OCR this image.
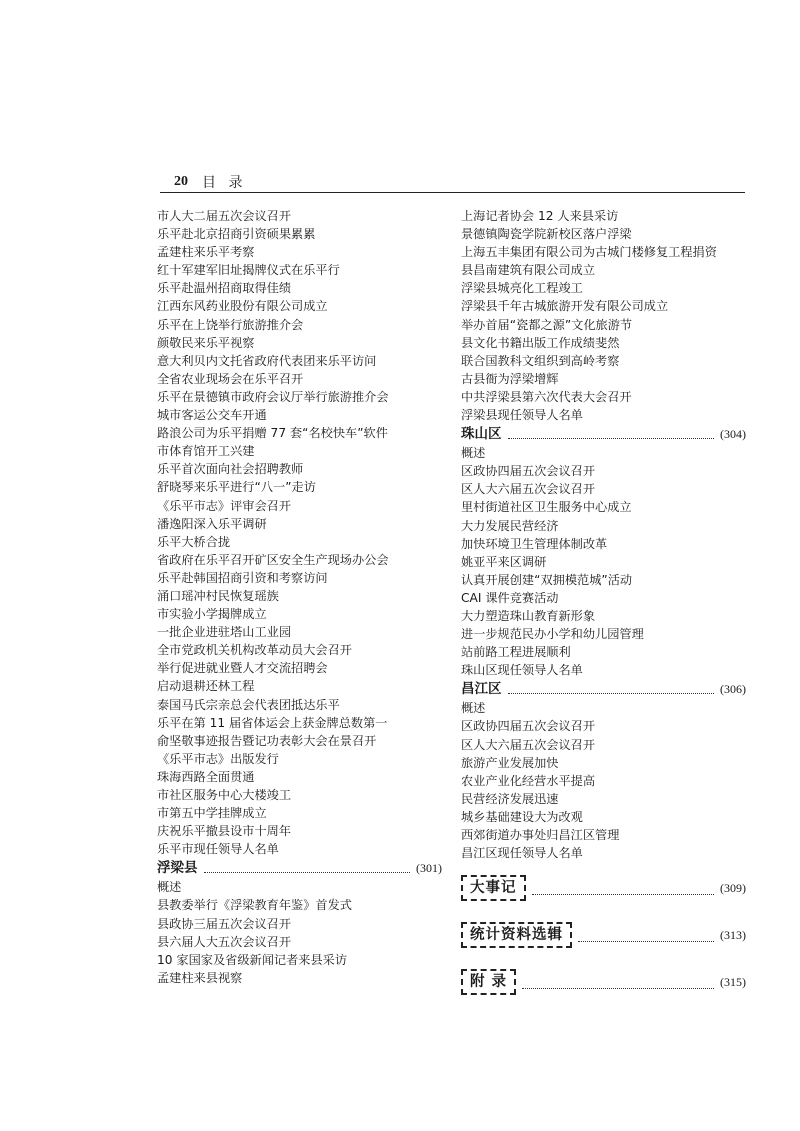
20 目 录
市人大二届五次会议召开
乐平赴北京招商引资硕果累累
孟建柱来乐平考察
红十军建军旧址揭牌仪式在乐平行
乐平赴温州招商取得佳绩
江西东风药业股份有限公司成立
乐平在上饶举行旅游推介会
颜敬民来乐平视察
意大利贝内文托省政府代表团来乐平访问
全省农业现场会在乐平召开
乐平在景德镇市政府会议厅举行旅游推介会
城市客运公交车开通
路浪公司为乐平捐赠 77 套“名校快车”软件
市体育馆开工兴建
乐平首次面向社会招聘教师
舒晓琴来乐平进行“八一”走访
《乐平市志》评审会召开
潘逸阳深入乐平调研
乐平大桥合拢
省政府在乐平召开矿区安全生产现场办公会
乐平赴韩国招商引资和考察访问
涌口瑶冲村民恢复瑶族
市实验小学揭牌成立
一批企业进驻塔山工业园
全市党政机关机构改革动员大会召开
举行促进就业暨人才交流招聘会
启动退耕还林工程
泰国马氏宗亲总会代表团抵达乐平
乐平在第 11 届省体运会上获金牌总数第一
俞坚敬事迹报告暨记功表彰大会在景召开
《乐平市志》出版发行
珠海西路全面贯通
市社区服务中心大楼竣工
市第五中学挂牌成立
庆祝乐平撤县设市十周年
乐平市现任领导人名单
浮梁县	(301)
概述
县教委举行《浮梁教育年鉴》首发式
县政协三届五次会议召开
县六届人大五次会议召开
10 家国家及省级新闻记者来县采访
孟建柱来县视察
上海记者协会 12 人来县采访
景德镇陶瓷学院新校区落户浮梁
上海五丰集团有限公司为古城门楼修复工程捐资
县昌南建筑有限公司成立
浮梁县城亮化工程竣工
浮梁县千年古城旅游开发有限公司成立
举办首届“瓷都之源”文化旅游节
县文化书籍出版工作成绩斐然
联合国教科文组织到高岭考察
古县衙为浮梁增辉
中共浮梁县第六次代表大会召开
浮梁县现任领导人名单
珠山区	(304)
概述
区政协四届五次会议召开
区人大六届五次会议召开
里村街道社区卫生服务中心成立
大力发展民营经济
加快环境卫生管理体制改革
姚亚平来区调研
认真开展创建“双拥模范城”活动
CAI 课件竞赛活动
大力塑造珠山教育新形象
进一步规范民办小学和幼儿园管理
站前路工程进展顺利
珠山区现任领导人名单
昌江区	(306)
概述
区政协四届五次会议召开
区人大六届五次会议召开
旅游产业发展加快
农业产业化经营水平提高
民营经济发展迅速
城乡基础建设大为改观
西郊街道办事处归昌江区管理
昌江区现任领导人名单
大事记	(309)
统计资料选辑	(313)
附 录	(315)
